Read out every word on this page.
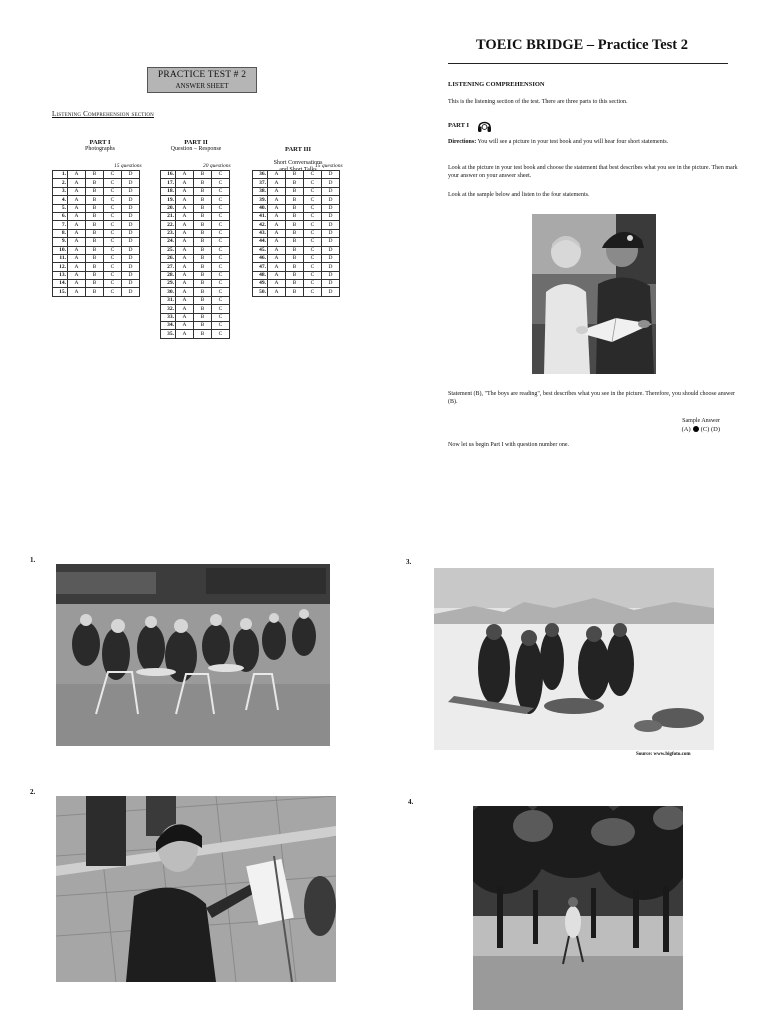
PRACTICE TEST # 2
ANSWER SHEET
Listening Comprehension section
PART I
Photographs
PART II
Question – Response	PART III

Short Conversations
and Short Talks

15 questions	20 questions	15 questions
1.	A	B	C	D
2.	A	B	C	D
3.	A	B	C	D
4.	A	B	C	D
5.	A	B	C	D
6.	A	B	C	D
7.	A	B	C	D
8.	A	B	C	D
9.	A	B	C	D
10.	A	B	C	D
11.	A	B	C	D
12.	A	B	C	D
13.	A	B	C	D
14.	A	B	C	D
15.	A	B	C	D
16.	A	B	C
17.	A	B	C
18.	A	B	C
19.	A	B	C
20.	A	B	C
21.	A	B	C
22.	A	B	C
23.	A	B	C
24.	A	B	C
25.	A	B	C
26.	A	B	C
27.	A	B	C
28.	A	B	C
29.	A	B	C
30.	A	B	C
31.	A	B	C
32.	A	B	C
33.	A	B	C
34.	A	B	C
35.	A	B	C
36.	A	B	C	D
37.	A	B	C	D
38.	A	B	C	D
39.	A	B	C	D
40.	A	B	C	D
41.	A	B	C	D
42.	A	B	C	D
43.	A	B	C	D
44.	A	B	C	D
45.	A	B	C	D
46.	A	B	C	D
47.	A	B	C	D
48.	A	B	C	D
49.	A	B	C	D
50.	A	B	C	D
TOEIC BRIDGE – Practice Test 2
LISTENING COMPREHENSION
This is the listening section of the test. There are three parts to this section.
PART I
Directions: You will see a picture in your test book and you will hear four short statements.
Look at the picture in your test book and choose the statement that best describes what you see in the picture. Then mark your answer on your answer sheet.
Look at the sample below and listen to the four statements.
Statement (B), "The boys are reading", best describes what you see in the picture. Therefore, you should choose answer (B).
Sample Answer
(A) (C) (D)
Now let us begin Part I with question number one.
1.
2.
3.
Source: www.bigfoto.com
4.
